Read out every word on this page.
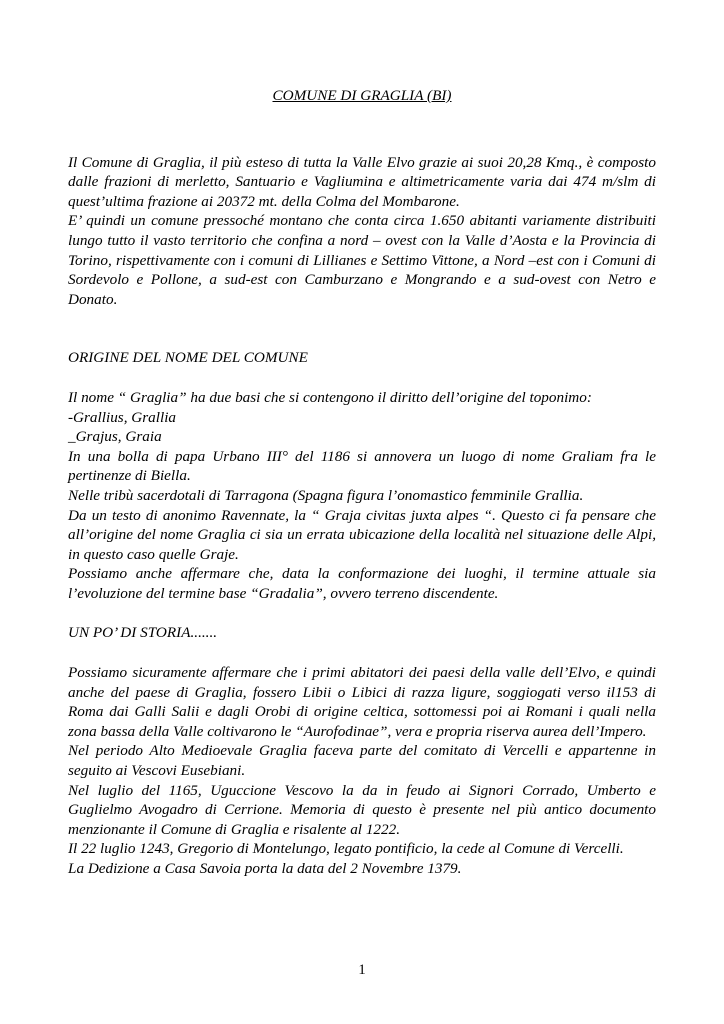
COMUNE DI GRAGLIA (BI)

Il Comune di Graglia, il più esteso di tutta la Valle Elvo grazie ai suoi 20,28 Kmq., è composto dalle frazioni di merletto, Santuario e Vagliumina e altimetricamente varia dai 474 m/slm di quest’ultima frazione ai 20372 mt. della Colma del Mombarone.

E’ quindi un comune pressoché montano che conta circa 1.650 abitanti variamente distribuiti lungo tutto il vasto territorio che confina a nord – ovest con la Valle d’Aosta e la Provincia di Torino, rispettivamente con i comuni di Lillianes e Settimo Vittone, a Nord –est con i Comuni di Sordevolo e Pollone, a sud-est con Camburzano e Mongrando e a sud-ovest con Netro e Donato.

ORIGINE DEL NOME DEL COMUNE

Il nome “ Graglia” ha due basi che si contengono il diritto dell’origine del toponimo:

-Grallius, Grallia

_Grajus, Graia

In una bolla di papa Urbano III° del 1186 si annovera un luogo di nome Graliam fra le pertinenze di Biella.

Nelle tribù sacerdotali di Tarragona (Spagna figura l’onomastico femminile Grallia.

Da un testo di anonimo Ravennate, la “ Graja civitas juxta alpes “. Questo ci fa pensare che all’origine del nome Graglia ci sia un errata ubicazione della località nel situazione delle Alpi, in questo caso quelle Graje.

Possiamo anche affermare che, data la conformazione dei luoghi, il termine attuale sia l’evoluzione del termine base “Gradalia”, ovvero terreno discendente.

UN PO’ DI STORIA.......

Possiamo sicuramente affermare che i primi abitatori dei paesi della valle dell’Elvo, e quindi anche del paese di Graglia, fossero Libii o Libici di razza ligure, soggiogati verso il153 di Roma dai Galli Salii e dagli Orobi di origine celtica, sottomessi poi ai Romani i quali nella zona bassa della Valle coltivarono le “Aurofodinae”, vera e propria riserva aurea dell’Impero.

Nel periodo Alto Medioevale Graglia faceva parte del comitato di Vercelli e appartenne in seguito ai Vescovi Eusebiani.

Nel luglio del 1165, Uguccione Vescovo la da in feudo ai Signori Corrado, Umberto e Guglielmo Avogadro di Cerrione. Memoria di questo è presente nel più antico documento menzionante il Comune di Graglia e risalente al 1222.

Il 22 luglio 1243, Gregorio di Montelungo, legato pontificio, la cede al Comune di Vercelli.

La Dedizione a Casa Savoia porta la data del 2 Novembre 1379.

1
